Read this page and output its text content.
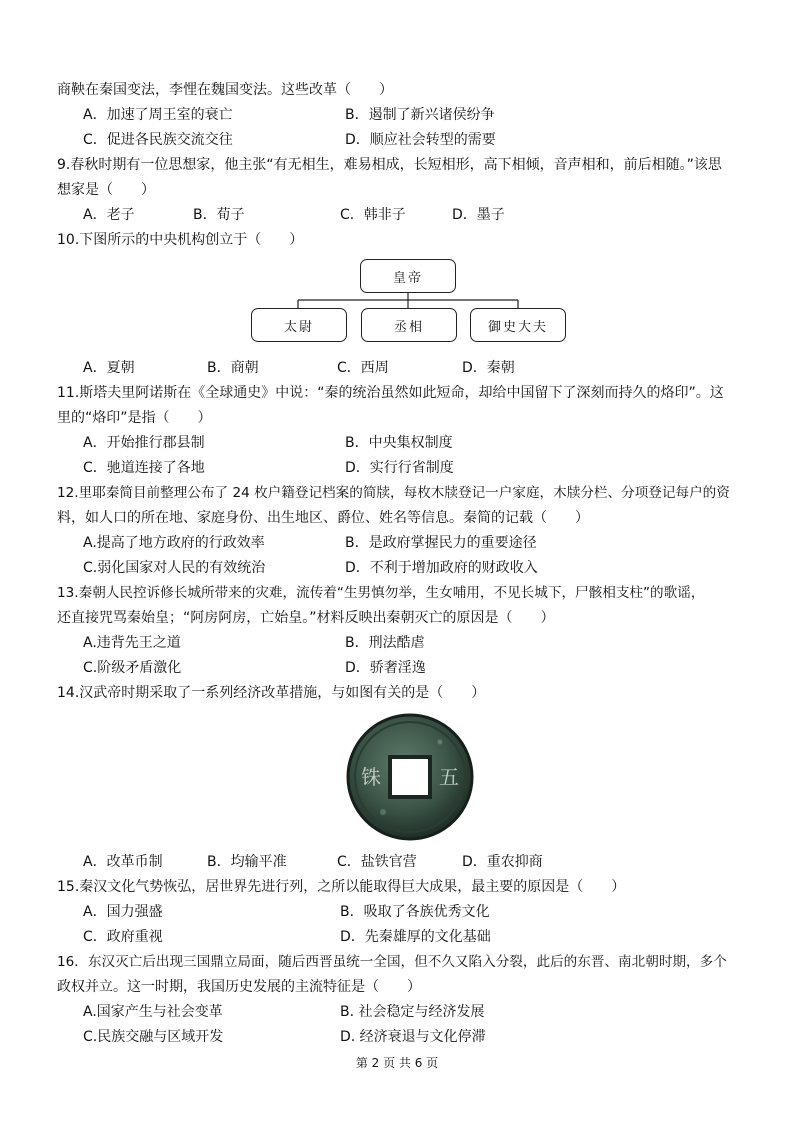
商鞅在秦国变法，李悝在魏国变法。这些改革（　　）
A．加速了周王室的衰亡	B．遏制了新兴诸侯纷争
C．促进各民族交流交往	D．顺应社会转型的需要
9.春秋时期有一位思想家，他主张“有无相生，难易相成，长短相形，高下相倾，音声相和，前后相随。”该思
想家是（　　）
A．老子	B．荀子	C．韩非子	D．墨子
10.下图所示的中央机构创立于（　　）
皇帝
太尉	丞相	御史大夫
A．夏朝	B．商朝	C．西周	D．秦朝
11.斯塔夫里阿诺斯在《全球通史》中说：“秦的统治虽然如此短命，却给中国留下了深刻而持久的烙印”。这
里的“烙印”是指（　　）
A．开始推行郡县制	B．中央集权制度
C．驰道连接了各地	D．实行行省制度
12.里耶秦简目前整理公布了 24 枚户籍登记档案的简牍，每枚木牍登记一户家庭，木牍分栏、分项登记每户的资
料，如人口的所在地、家庭身份、出生地区、爵位、姓名等信息。秦简的记载（　　）
A.提高了地方政府的行政效率	B．是政府掌握民力的重要途径
C.弱化国家对人民的有效统治	D．不利于增加政府的财政收入
13.秦朝人民控诉修长城所带来的灾难，流传着“生男慎勿举，生女哺用，不见长城下，尸骸相支柱”的歌谣，
还直接咒骂秦始皇；“阿房阿房，亡始皇。”材料反映出秦朝灭亡的原因是（　　）
A.违背先王之道	B．刑法酷虐
C.阶级矛盾激化	D．骄奢淫逸
14.汉武帝时期采取了一系列经济改革措施，与如图有关的是（　　）
铢	五
A．改革币制	B．均输平准	C．盐铁官营	D．重农抑商
15.秦汉文化气势恢弘，居世界先进行列，之所以能取得巨大成果，最主要的原因是（　　）
A．国力强盛	B．吸取了各族优秀文化
C．政府重视	D．先秦雄厚的文化基础
16．东汉灭亡后出现三国鼎立局面，随后西晋虽统一全国，但不久又陷入分裂，此后的东晋、南北朝时期，多个
政权并立。这一时期，我国历史发展的主流特征是（　　）
A.国家产生与社会变革	B. 社会稳定与经济发展
C.民族交融与区域开发	D. 经济衰退与文化停滞
第 2 页 共 6 页
